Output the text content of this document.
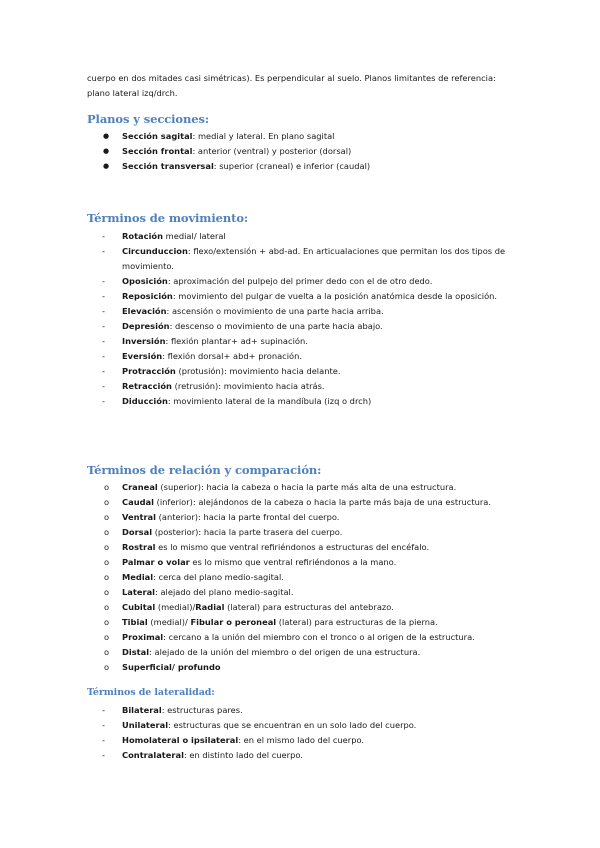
cuerpo en dos mitades casi simétricas). Es perpendicular al suelo. Planos limitantes de referencia: plano lateral izq/drch.

Planos y secciones:
● Sección sagital: medial y lateral. En plano sagital
● Sección frontal: anterior (ventral) y posterior (dorsal)
● Sección transversal: superior (craneal) e inferior (caudal)
Términos de movimiento:
- Rotación medial/ lateral
- Circunduccion: flexo/extensión + abd-ad. En articualaciones que permitan los dos tipos de movimiento.
- Oposición: aproximación del pulpejo del primer dedo con el de otro dedo.
- Reposición: movimiento del pulgar de vuelta a la posición anatómica desde la oposición.
- Elevación: ascensión o movimiento de una parte hacia arriba.
- Depresión: descenso o movimiento de una parte hacia abajo.
- Inversión: flexión plantar+ ad+ supinación.
- Eversión: flexión dorsal+ abd+ pronación.
- Protracción (protusión): movimiento hacia delante.
- Retracción (retrusión): movimiento hacia atrás.
- Diducción: movimiento lateral de la mandíbula (izq o drch)
Términos de relación y comparación:
o Craneal (superior): hacia la cabeza o hacia la parte más alta de una estructura.
o Caudal (inferior): alejándonos de la cabeza o hacia la parte más baja de una estructura.
o Ventral (anterior): hacia la parte frontal del cuerpo.
o Dorsal (posterior): hacia la parte trasera del cuerpo.
o Rostral es lo mismo que ventral refiriéndonos a estructuras del encéfalo.
o Palmar o volar es lo mismo que ventral refiriéndonos a la mano.
o Medial: cerca del plano medio-sagital.
o Lateral: alejado del plano medio-sagital.
o Cubital (medial)/Radial (lateral) para estructuras del antebrazo.
o Tibial (medial)/ Fibular o peroneal (lateral) para estructuras de la pierna.
o Proximal: cercano a la unión del miembro con el tronco o al origen de la estructura.
o Distal: alejado de la unión del miembro o del origen de una estructura.
o Superficial/ profundo
Términos de lateralidad:
- Bilateral: estructuras pares.
- Unilateral: estructuras que se encuentran en un solo lado del cuerpo.
- Homolateral o ipsilateral: en el mismo lado del cuerpo.
- Contralateral: en distinto lado del cuerpo.
